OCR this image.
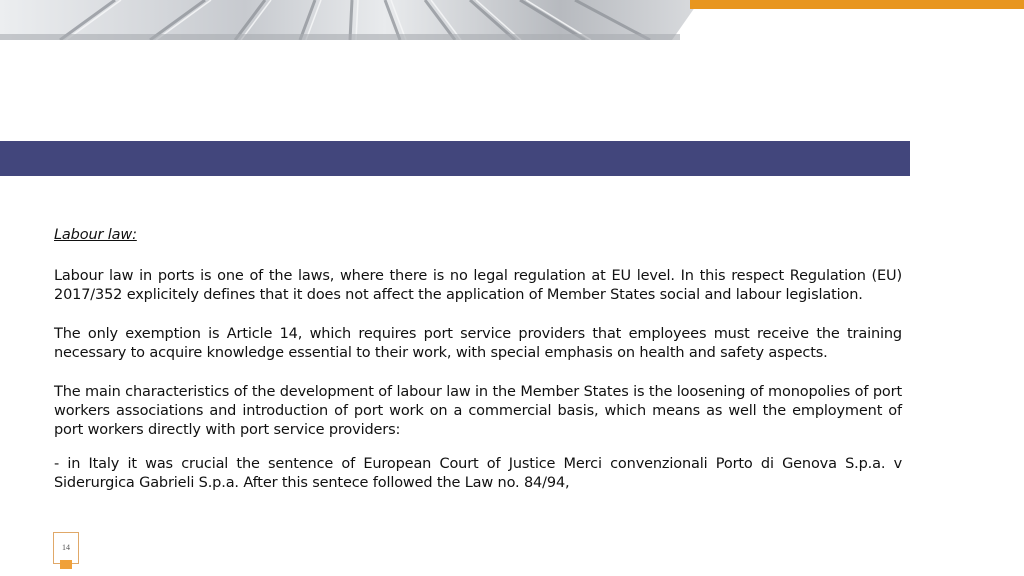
Labour law:

Labour law in ports is one of the laws, where there is no legal regulation at EU level. In this respect Regulation (EU) 2017/352 explicitely defines that it does not affect the application of Member States social and labour legislation.

The only exemption is Article 14, which requires port service providers that employees must receive the training necessary to acquire knowledge essential to their work, with special emphasis on health and safety aspects.

The main characteristics of the development of labour law in the Member States is the loosening of monopolies of port workers associations and introduction of port work on a commercial basis, which means as well the employment of port workers directly with port service providers:

- in Italy it was crucial the sentence of European Court of Justice Merci convenzionali Porto di Genova S.p.a. v Siderurgica Gabrieli S.p.a. After this sentece followed the Law no. 84/94,

14
